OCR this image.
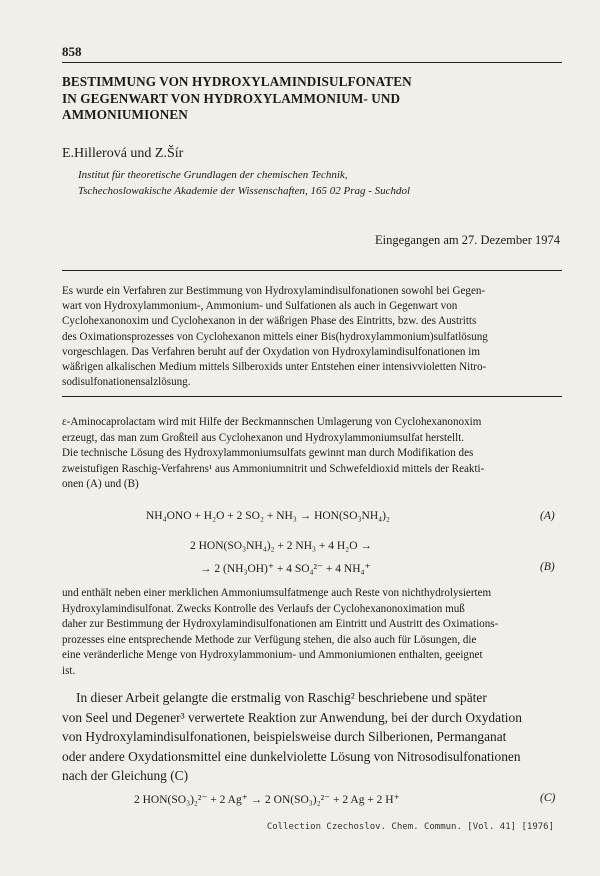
858
BESTIMMUNG VON HYDROXYLAMINDISULFONATEN
IN GEGENWART VON HYDROXYLAMMONIUM- UND
AMMONIUMIONEN
E.Hillerová und Z.Šír
Institut für theoretische Grundlagen der chemischen Technik,
Tschechoslowakische Akademie der Wissenschaften, 165 02 Prag - Suchdol
Eingegangen am 27. Dezember 1974
Es wurde ein Verfahren zur Bestimmung von Hydroxylamindisulfonationen sowohl bei Gegen-
wart von Hydroxylammonium-, Ammonium- und Sulfationen als auch in Gegenwart von
Cyclohexanonoxim und Cyclohexanon in der wäßrigen Phase des Eintritts, bzw. des Austritts
des Oximationsprozesses von Cyclohexanon mittels einer Bis(hydroxylammonium)sulfatlösung
vorgeschlagen. Das Verfahren beruht auf der Oxydation von Hydroxylamindisulfonationen im
wäßrigen alkalischen Medium mittels Silberoxids unter Entstehen einer intensivvioletten Nitro-
sodisulfonationensalzlösung.
ε-Aminocaprolactam wird mit Hilfe der Beckmannschen Umlagerung von Cyclohexanonoxim
erzeugt, das man zum Großteil aus Cyclohexanon und Hydroxylammoniumsulfat herstellt.
Die technische Lösung des Hydroxylammoniumsulfats gewinnt man durch Modifikation des
zweistufigen Raschig-Verfahrens¹ aus Ammoniumnitrit und Schwefeldioxid mittels der Reakti-
onen (A) und (B)
NH₄ONO + H₂O + 2 SO₂ + NH₃ → HON(SO₃NH₄)₂	(A)
2 HON(SO₃NH₄)₂ + 2 NH₃ + 4 H₂O →
→ 2 (NH₃OH)⁺ + 4 SO₄²⁻ + 4 NH₄⁺	(B)
und enthält neben einer merklichen Ammoniumsulfatmenge auch Reste von nichthydrolysiertem
Hydroxylamindisulfonat. Zwecks Kontrolle des Verlaufs der Cyclohexanonoximation muß
daher zur Bestimmung der Hydroxylamindisulfonationen am Eintritt und Austritt des Oximations-
prozesses eine entsprechende Methode zur Verfügung stehen, die also auch für Lösungen, die
eine veränderliche Menge von Hydroxylammonium- und Ammoniumionen enthalten, geeignet
ist.
In dieser Arbeit gelangte die erstmalig von Raschig² beschriebene und später
von Seel und Degener³ verwertete Reaktion zur Anwendung, bei der durch Oxydation
von Hydroxylamindisulfonationen, beispielsweise durch Silberionen, Permanganat
oder andere Oxydationsmittel eine dunkelviolette Lösung von Nitrosodisulfonationen
nach der Gleichung (C)
2 HON(SO₃)₂²⁻ + 2 Ag⁺ → 2 ON(SO₃)₂²⁻ + 2 Ag + 2 H⁺	(C)
Collection Czechoslov. Chem. Commun. [Vol. 41] [1976]
